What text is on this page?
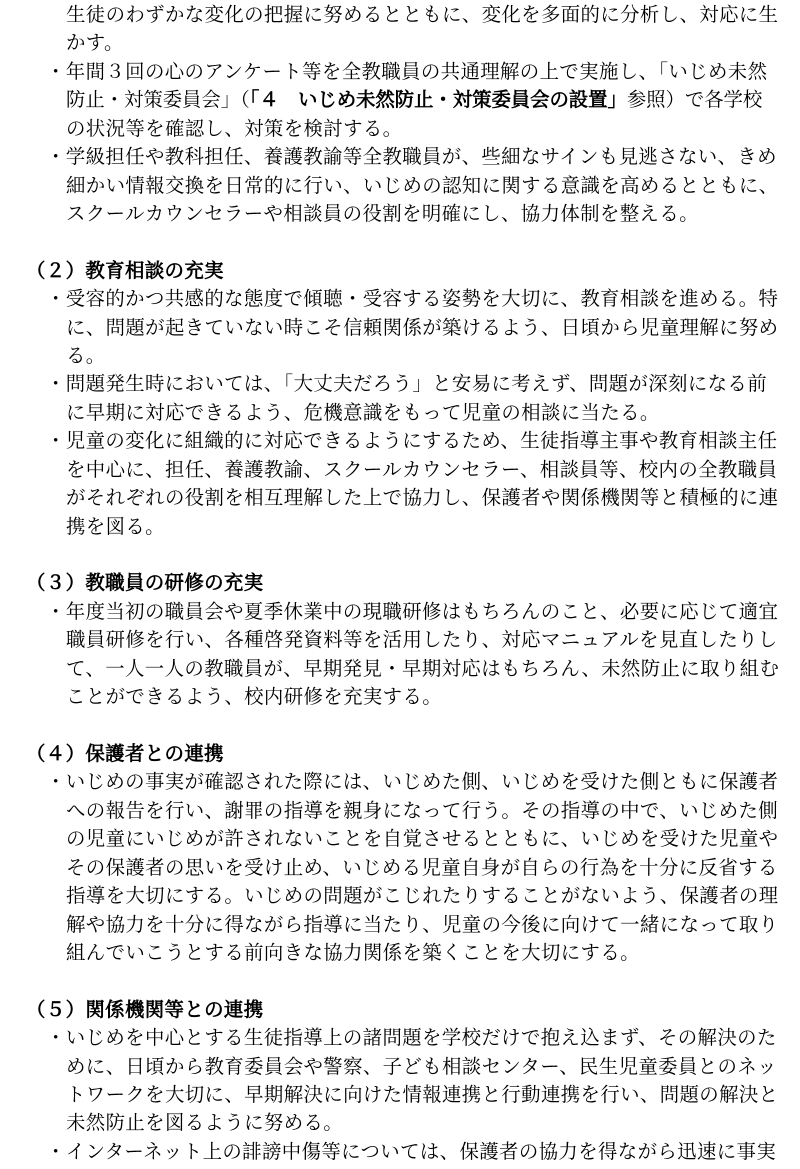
生徒のわずかな変化の把握に努めるとともに、変化を多面的に分析し、対応に生
かす。
・年間３回の心のアンケート等を全教職員の共通理解の上で実施し、「いじめ未然
防止・対策委員会」（「４　いじめ未然防止・対策委員会の設置」参照）で各学校
の状況等を確認し、対策を検討する。
・学級担任や教科担任、養護教諭等全教職員が、些細なサインも見逃さない、きめ
細かい情報交換を日常的に行い、いじめの認知に関する意識を高めるとともに、
スクールカウンセラーや相談員の役割を明確にし、協力体制を整える。
（２）教育相談の充実
・受容的かつ共感的な態度で傾聴・受容する姿勢を大切に、教育相談を進める。特
に、問題が起きていない時こそ信頼関係が築けるよう、日頃から児童理解に努め
る。
・問題発生時においては、「大丈夫だろう」と安易に考えず、問題が深刻になる前
に早期に対応できるよう、危機意識をもって児童の相談に当たる。
・児童の変化に組織的に対応できるようにするため、生徒指導主事や教育相談主任
を中心に、担任、養護教諭、スクールカウンセラー、相談員等、校内の全教職員
がそれぞれの役割を相互理解した上で協力し、保護者や関係機関等と積極的に連
携を図る。
（３）教職員の研修の充実
・年度当初の職員会や夏季休業中の現職研修はもちろんのこと、必要に応じて適宜
職員研修を行い、各種啓発資料等を活用したり、対応マニュアルを見直したりし
て、一人一人の教職員が、早期発見・早期対応はもちろん、未然防止に取り組む
ことができるよう、校内研修を充実する。
（４）保護者との連携
・いじめの事実が確認された際には、いじめた側、いじめを受けた側ともに保護者
への報告を行い、謝罪の指導を親身になって行う。その指導の中で、いじめた側
の児童にいじめが許されないことを自覚させるとともに、いじめを受けた児童や
その保護者の思いを受け止め、いじめる児童自身が自らの行為を十分に反省する
指導を大切にする。いじめの問題がこじれたりすることがないよう、保護者の理
解や協力を十分に得ながら指導に当たり、児童の今後に向けて一緒になって取り
組んでいこうとする前向きな協力関係を築くことを大切にする。
（５）関係機関等との連携
・いじめを中心とする生徒指導上の諸問題を学校だけで抱え込まず、その解決のた
めに、日頃から教育委員会や警察、子ども相談センター、民生児童委員とのネッ
トワークを大切に、早期解決に向けた情報連携と行動連携を行い、問題の解決と
未然防止を図るように努める。
・インターネット上の誹謗中傷等については、保護者の協力を得ながら迅速に事実
